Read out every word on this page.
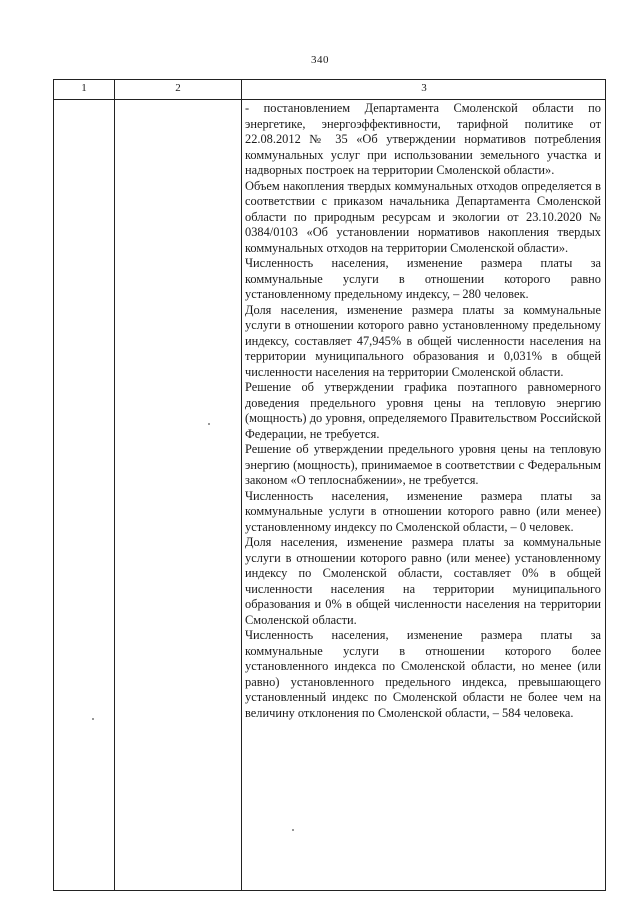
340
1	2	3

- постановлением Департамента Смоленской области по энергетике, энергоэффективности, тарифной политике от 22.08.2012 № 35 «Об утверждении нормативов потребления коммунальных услуг при использовании земельного участка и надворных построек на территории Смоленской области».

Объем накопления твердых коммунальных отходов определяется в соответствии с приказом начальника Департамента Смоленской области по природным ресурсам и экологии от 23.10.2020 № 0384/0103 «Об установлении нормативов накопления твердых коммунальных отходов на территории Смоленской области».

Численность населения, изменение размера платы за коммунальные услуги в отношении которого равно установленному предельному индексу, – 280 человек.

Доля населения, изменение размера платы за коммунальные услуги в отношении которого равно установленному предельному индексу, составляет 47,945% в общей численности населения на территории муниципального образования и 0,031% в общей численности населения на территории Смоленской области.

Решение об утверждении графика поэтапного равномерного доведения предельного уровня цены на тепловую энергию (мощность) до уровня, определяемого Правительством Российской Федерации, не требуется.

Решение об утверждении предельного уровня цены на тепловую энергию (мощность), принимаемое в соответствии с Федеральным законом «О теплоснабжении», не требуется.

Численность населения, изменение размера платы за коммунальные услуги в отношении которого равно (или менее) установленному индексу по Смоленской области, – 0 человек.

Доля населения, изменение размера платы за коммунальные услуги в отношении которого равно (или менее) установленному индексу по Смоленской области, составляет 0% в общей численности населения на территории муниципального образования и 0% в общей численности населения на территории Смоленской области.

Численность населения, изменение размера платы за коммунальные услуги в отношении которого более установленного индекса по Смоленской области, но менее (или равно) установленного предельного индекса, превышающего установленный индекс по Смоленской области не более чем на величину отклонения по Смоленской области, – 584 человека.
